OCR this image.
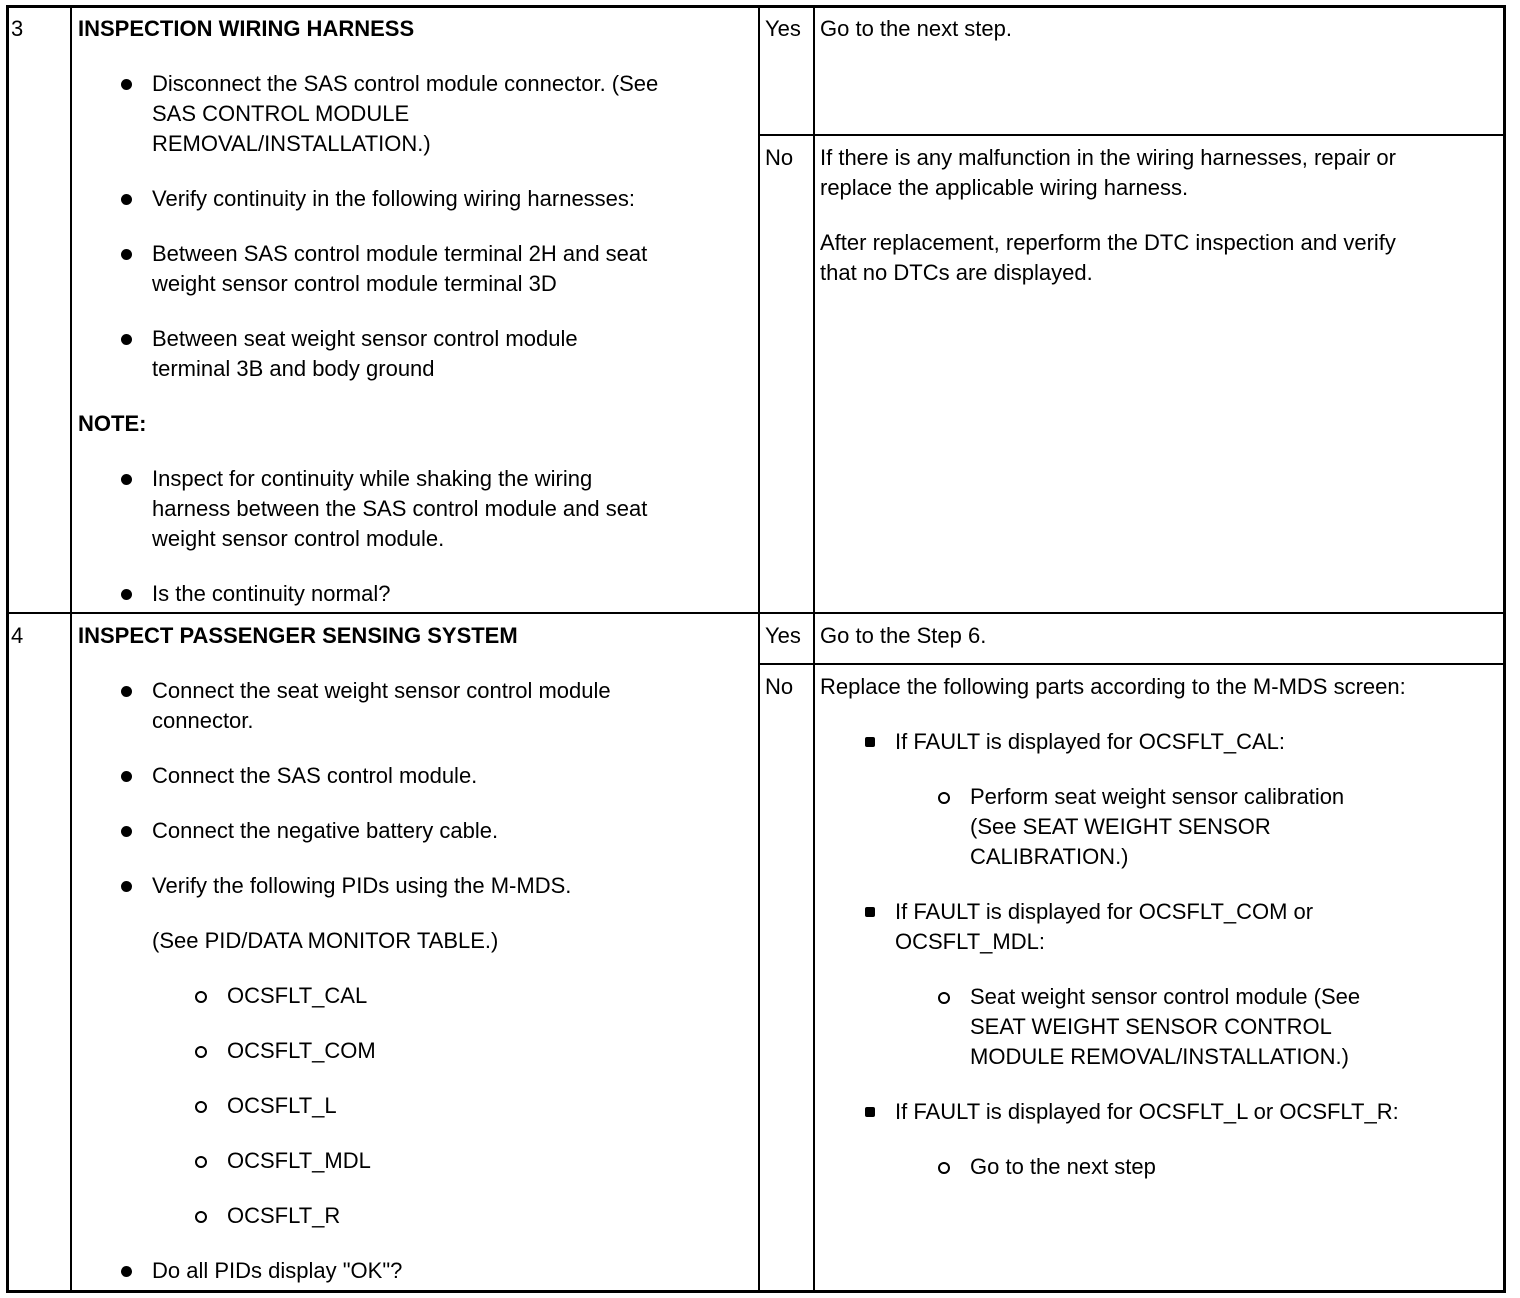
3 INSPECTION WIRING HARNESS
Disconnect the SAS control module connector. (See
SAS CONTROL MODULE
REMOVAL/INSTALLATION.)
Verify continuity in the following wiring harnesses:
Between SAS control module terminal 2H and seat
weight sensor control module terminal 3D
Between seat weight sensor control module
terminal 3B and body ground
NOTE:
Inspect for continuity while shaking the wiring
harness between the SAS control module and seat
weight sensor control module.
Is the continuity normal?
Yes Go to the next step.
No If there is any malfunction in the wiring harnesses, repair or
replace the applicable wiring harness.
After replacement, reperform the DTC inspection and verify
that no DTCs are displayed.
4 INSPECT PASSENGER SENSING SYSTEM
Connect the seat weight sensor control module
connector.
Connect the SAS control module.
Connect the negative battery cable.
Verify the following PIDs using the M-MDS.
(See PID/DATA MONITOR TABLE.)
OCSFLT_CAL
OCSFLT_COM
OCSFLT_L
OCSFLT_MDL
OCSFLT_R
Do all PIDs display "OK"?
Yes Go to the Step 6.
No Replace the following parts according to the M-MDS screen:
If FAULT is displayed for OCSFLT_CAL:
Perform seat weight sensor calibration
(See SEAT WEIGHT SENSOR
CALIBRATION.)
If FAULT is displayed for OCSFLT_COM or
OCSFLT_MDL:
Seat weight sensor control module (See
SEAT WEIGHT SENSOR CONTROL
MODULE REMOVAL/INSTALLATION.)
If FAULT is displayed for OCSFLT_L or OCSFLT_R:
Go to the next step
